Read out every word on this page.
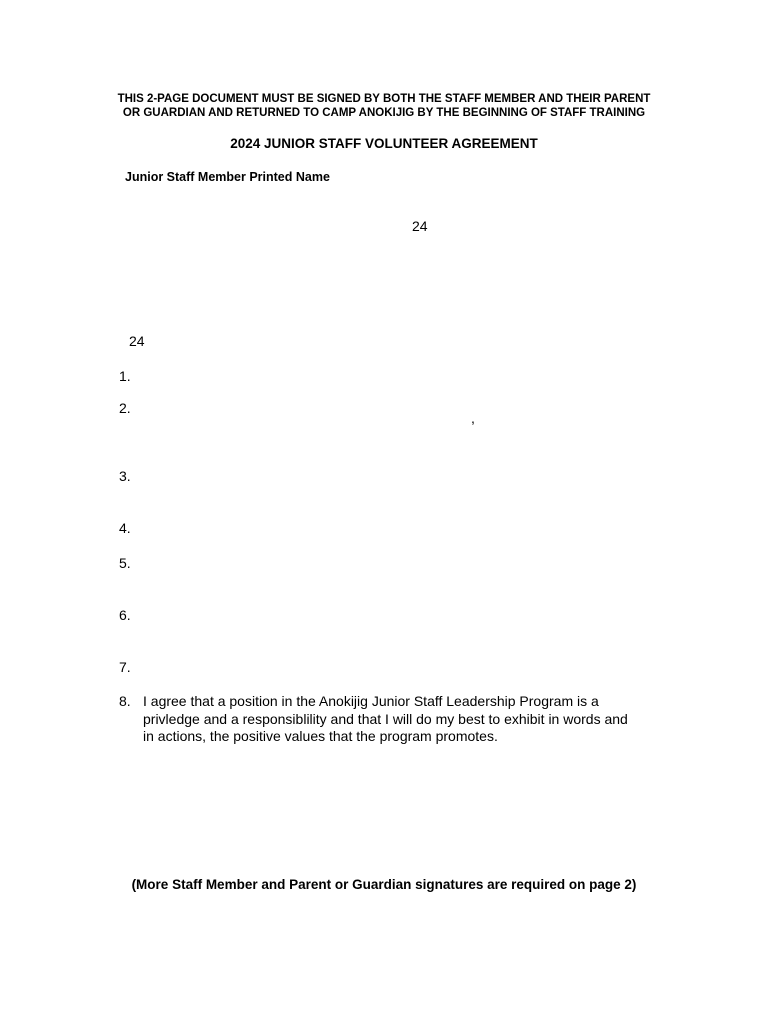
THIS 2-PAGE DOCUMENT MUST BE SIGNED BY BOTH THE STAFF MEMBER AND THEIR PARENT
OR GUARDIAN AND RETURNED TO CAMP ANOKIJIG BY THE BEGINNING OF STAFF TRAINING
2024 JUNIOR STAFF VOLUNTEER AGREEMENT
Junior Staff Member Printed Name
24
24
1.
2.
,
3.
4.
5.
6.
7.
8. I agree that a position in the Anokijig Junior Staff Leadership Program is a
privledge and a responsiblility and that I will do my best to exhibit in words and
in actions, the positive values that the program promotes.
(More Staff Member and Parent or Guardian signatures are required on page 2)
